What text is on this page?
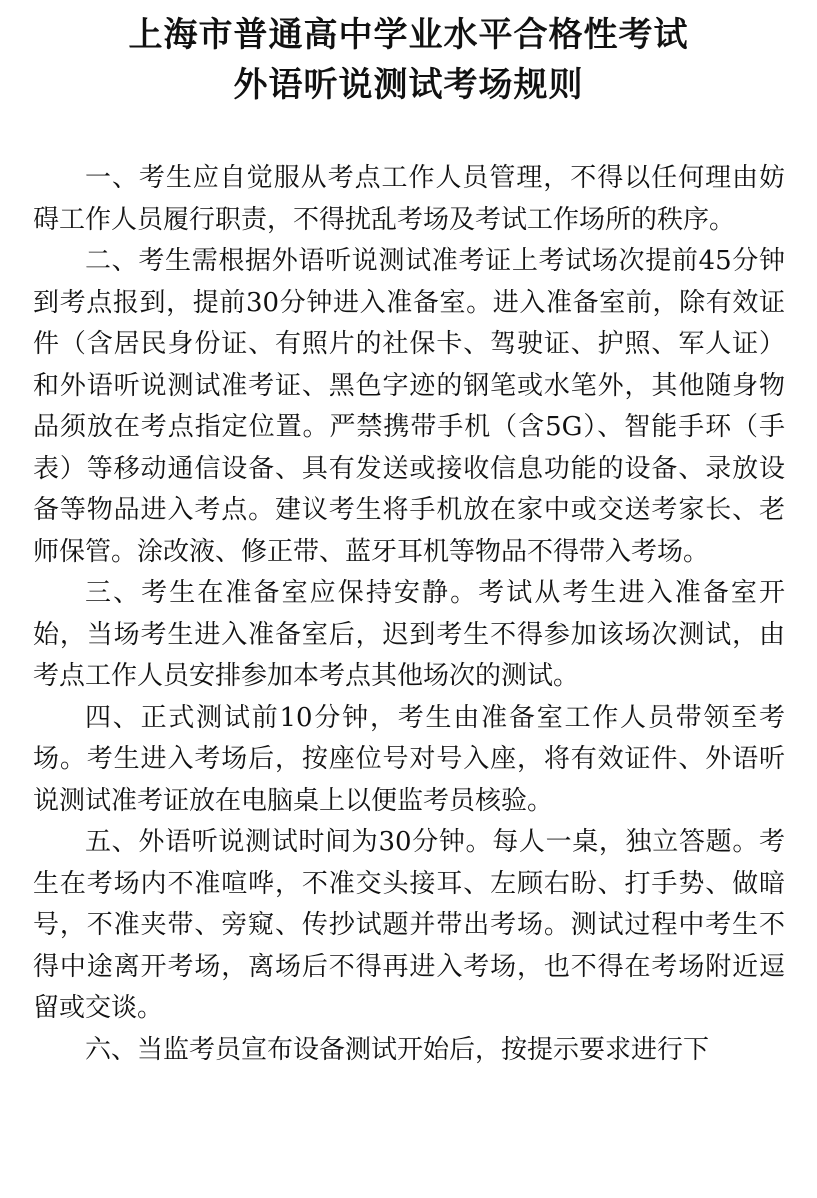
上海市普通高中学业水平合格性考试
外语听说测试考场规则

一、考生应自觉服从考点工作人员管理，不得以任何理由妨碍工作人员履行职责，不得扰乱考场及考试工作场所的秩序。

二、考生需根据外语听说测试准考证上考试场次提前45分钟到考点报到，提前30分钟进入准备室。进入准备室前，除有效证件（含居民身份证、有照片的社保卡、驾驶证、护照、军人证）和外语听说测试准考证、黑色字迹的钢笔或水笔外，其他随身物品须放在考点指定位置。严禁携带手机（含5G）、智能手环（手表）等移动通信设备、具有发送或接收信息功能的设备、录放设备等物品进入考点。建议考生将手机放在家中或交送考家长、老师保管。涂改液、修正带、蓝牙耳机等物品不得带入考场。

三、考生在准备室应保持安静。考试从考生进入准备室开始，当场考生进入准备室后，迟到考生不得参加该场次测试，由考点工作人员安排参加本考点其他场次的测试。

四、正式测试前10分钟，考生由准备室工作人员带领至考场。考生进入考场后，按座位号对号入座，将有效证件、外语听说测试准考证放在电脑桌上以便监考员核验。

五、外语听说测试时间为30分钟。每人一桌，独立答题。考生在考场内不准喧哗，不准交头接耳、左顾右盼、打手势、做暗号，不准夹带、旁窥、传抄试题并带出考场。测试过程中考生不得中途离开考场，离场后不得再进入考场，也不得在考场附近逗留或交谈。

六、当监考员宣布设备测试开始后，按提示要求进行下
